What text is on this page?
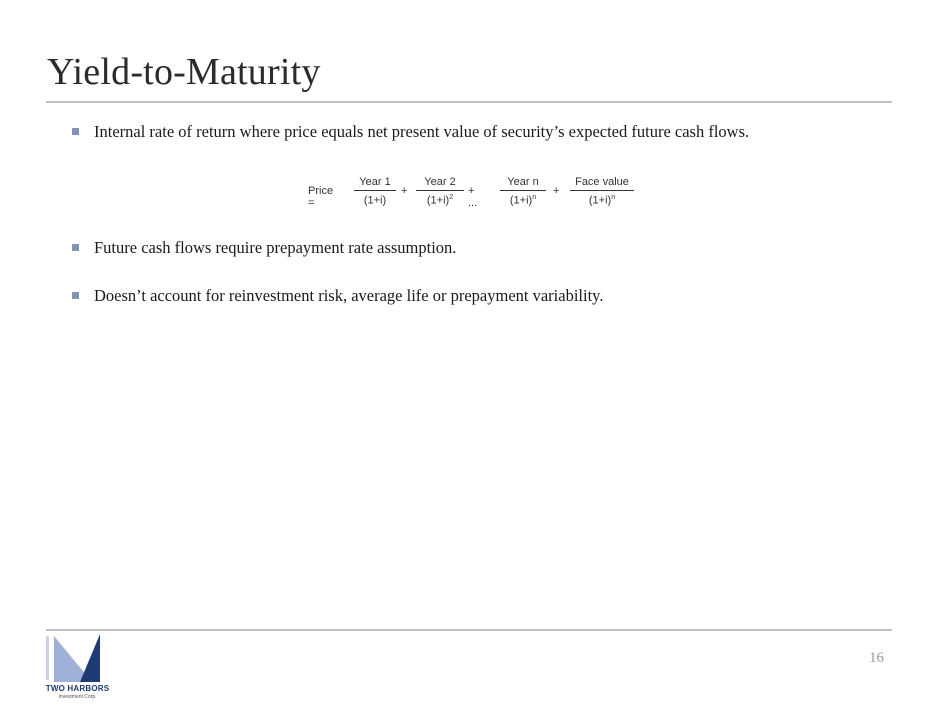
Yield-to-Maturity
Internal rate of return where price equals net present value of security’s expected future cash flows.
Future cash flows require prepayment rate assumption.
Doesn’t account for reinvestment risk, average life or prepayment variability.
Price =
Year 1
(1+i)
+
Year 2
$(1+i)^2$
+ ...
Year n
$(1+i)^n$
+
Face value
$(1+i)^n$
TWO HARBORS
Investment Corp.
16
